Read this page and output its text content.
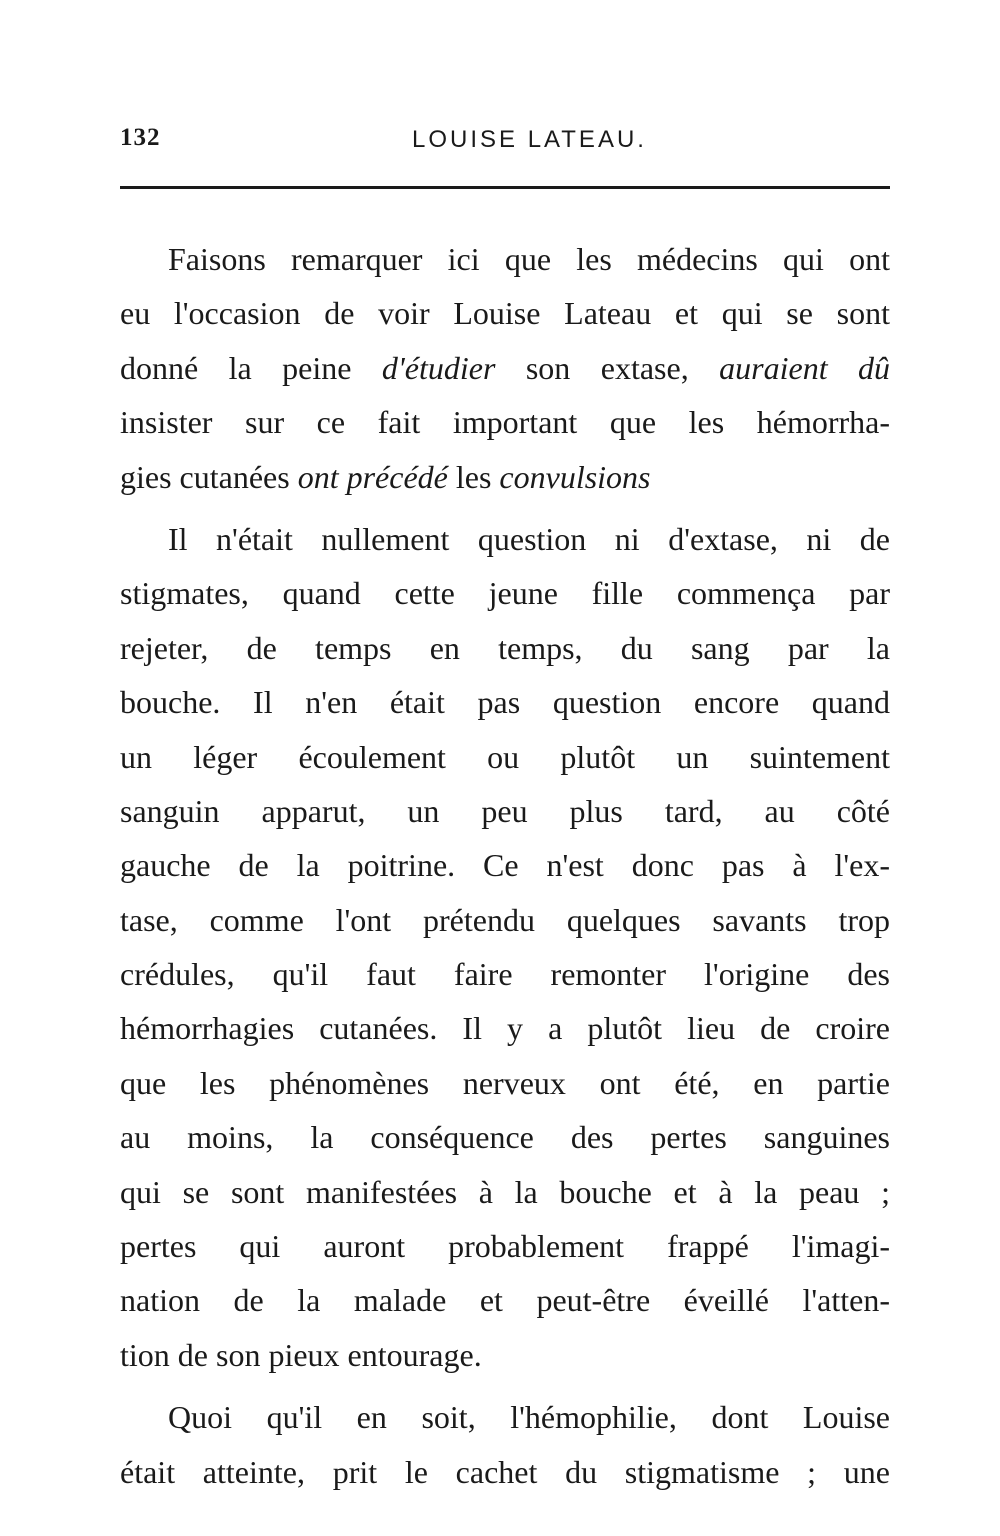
132	LOUISE LATEAU.
Faisons remarquer ici que les médecins qui ont
eu l'occasion de voir Louise Lateau et qui se sont
donné la peine d'étudier son extase, auraient dû
insister sur ce fait important que les hémorrha-
gies cutanées ont précédé les convulsions
Il n'était nullement question ni d'extase, ni de
stigmates, quand cette jeune fille commença par
rejeter, de temps en temps, du sang par la
bouche. Il n'en était pas question encore quand
un léger écoulement ou plutôt un suintement
sanguin apparut, un peu plus tard, au côté
gauche de la poitrine. Ce n'est donc pas à l'ex-
tase, comme l'ont prétendu quelques savants trop
crédules, qu'il faut faire remonter l'origine des
hémorrhagies cutanées. Il y a plutôt lieu de croire
que les phénomènes nerveux ont été, en partie
au moins, la conséquence des pertes sanguines
qui se sont manifestées à la bouche et à la peau ;
pertes qui auront probablement frappé l'imagi-
nation de la malade et peut-être éveillé l'atten-
tion de son pieux entourage.
Quoi qu'il en soit, l'hémophilie, dont Louise
était atteinte, prit le cachet du stigmatisme ; une
